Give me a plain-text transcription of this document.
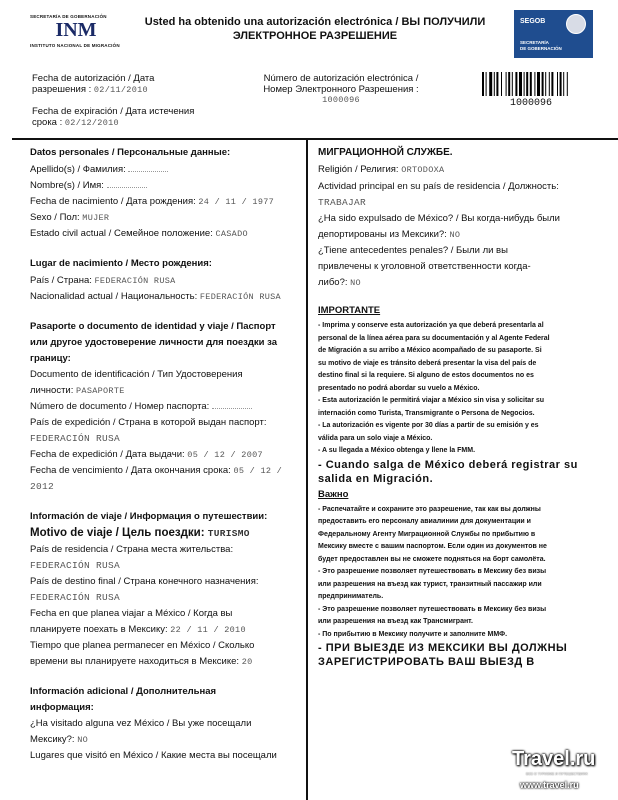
SECRETARÍA DE GOBERNACIÓN
INM
INSTITUTO NACIONAL DE MIGRACIÓN
Usted ha obtenido una autorización electrónica / ВЫ ПОЛУЧИЛИ
ЭЛЕКТРОННОЕ РАЗРЕШЕНИЕ
SEGOB
SECRETARÍA
DE GOBERNACIÓN
Fecha de autorización / Дата
разрешения : 02/11/2010
Fecha de expiración / Дата истечения
срока : 02/12/2010
Número de autorización electrónica /
Номер Электронного Разрешения :
1000096	1000096
Datos personales / Персональные данные:
Apellido(s) / Фамилия:
Nombre(s) / Имя:
Fecha de nacimiento / Дата рождения: 24 / 11 / 1977
Sexo / Пол: MUJER
Estado civil actual / Семейное положение: CASADO
Lugar de nacimiento / Место рождения:
País / Страна: FEDERACIÓN RUSA
Nacionalidad actual / Национальность: FEDERACIÓN RUSA
Pasaporte o documento de identidad y viaje / Паспорт
или другое удостоверение личности для поездки за
границу:
Documento de identificación / Тип Удостоверения
личности: PASAPORTE
Número de documento / Номер паспорта:
País de expedición / Страна в которой выдан паспорт:
FEDERACIÓN RUSA
Fecha de expedición / Дата выдачи: 05 / 12 / 2007
Fecha de vencimiento / Дата окончания срока: 05 / 12 /
2012
Información de viaje / Информация о путешествии:
Motivo de viaje / Цель поездки: TURISMO
País de residencia / Страна места жительства:
FEDERACIÓN RUSA
País de destino final / Страна конечного назначения:
FEDERACIÓN RUSA
Fecha en que planea viajar a México / Когда вы
планируете поехать в Мексику: 22 / 11 / 2010
Tiempo que planea permanecer en México / Сколько
времени вы планируете находиться в Мексике: 20
Información adicional / Дополнительная
информация:
¿Ha visitado alguna vez México / Вы уже посещали
Мексику?: NO
Lugares que visitó en México / Какие места вы посещали
МИГРАЦИОННОЙ СЛУЖБЕ.
Religión / Религия: ORTODOXA
Actividad principal en su país de residencia / Должность:
TRABAJAR
¿Ha sido expulsado de México? / Вы когда-нибудь были
депортированы из Мексики?: NO
¿Tiene antecedentes penales? / Были ли вы
привлечены к уголовной ответственности когда-
либо?: NO
IMPORTANTE
- Imprima y conserve esta autorización ya que deberá presentarla al
personal de la línea aérea para su documentación y al Agente Federal
de Migración a su arribo a México acompañado de su pasaporte. Si
su motivo de viaje es tránsito deberá presentar la visa del país de
destino final si la requiere. Si alguno de estos documentos no es
presentado no podrá abordar su vuelo a México.
- Esta autorización le permitirá viajar a México sin visa y solicitar su
internación como Turista, Transmigrante o Persona de Negocios.
- La autorización es vigente por 30 días a partir de su emisión y es
válida para un solo viaje a México.
- A su llegada a México obtenga y llene la FMM.
- Cuando salga de México deberá registrar su
salida en Migración.
Важно
- Распечатайте и сохраните это разрешение, так как вы должны
предоставить его персоналу авиалинии для документации и
Федеральному Агенту Миграционной Службы по прибытию в
Мексику вместе с вашим паспортом. Если один из документов не
будет предоставлен вы не сможете подняться на борт самолёта.
- Это разрешение позволяет путешествовать в Мексику без визы
или разрешения на въезд как турист, транзитный пассажир или
предприниматель.
- Это разрешение позволяет путешествовать в Мексику без визы
или разрешения на въезд как Трансмигрант.
- По прибытию в Мексику получите и заполните ММФ.
- ПРИ ВЫЕЗДЕ ИЗ МЕКСИКИ ВЫ ДОЛЖНЫ
ЗАРЕГИСТРИРОВАТЬ ВАШ ВЫЕЗД В
Travel.ru
ВСЕ О ТУРИЗМЕ И ПУТЕШЕСТВИЯХ
www.travel.ru
